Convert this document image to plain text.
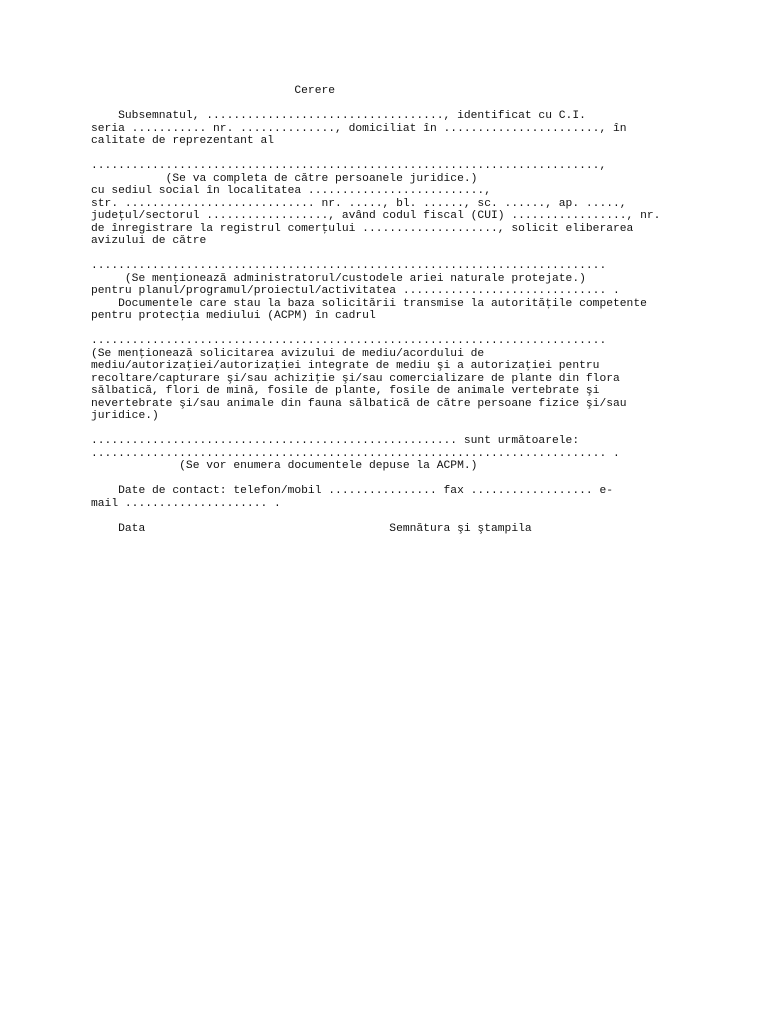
Cerere
Subsemnatul, ..................................., identificat cu C.I.
seria ........... nr. .............., domiciliat în ......................., în
calitate de reprezentant al
...........................................................................,
(Se va completa de către persoanele juridice.)
cu sediul social în localitatea ..........................,
str. ............................ nr. ....., bl. ......, sc. ......, ap. .....,
judeţul/sectorul .................., având codul fiscal (CUI) ................., nr.
de înregistrare la registrul comerţului ...................., solicit eliberarea
avizului de către
............................................................................
(Se menţionează administratorul/custodele ariei naturale protejate.)
pentru planul/programul/proiectul/activitatea .............................. .
Documentele care stau la baza solicitării transmise la autorităţile competente
pentru protecţia mediului (ACPM) în cadrul
............................................................................
(Se menţionează solicitarea avizului de mediu/acordului de
mediu/autorizaţiei/autorizaţiei integrate de mediu şi a autorizaţiei pentru
recoltare/capturare şi/sau achiziţie şi/sau comercializare de plante din flora
sălbatică, flori de mină, fosile de plante, fosile de animale vertebrate şi
nevertebrate şi/sau animale din fauna sălbatică de către persoane fizice şi/sau
juridice.)
...................................................... sunt următoarele:
............................................................................ .
(Se vor enumera documentele depuse la ACPM.)
Date de contact: telefon/mobil ................ fax .................. e-
mail ..................... .
Data                                    Semnătura şi ştampila
